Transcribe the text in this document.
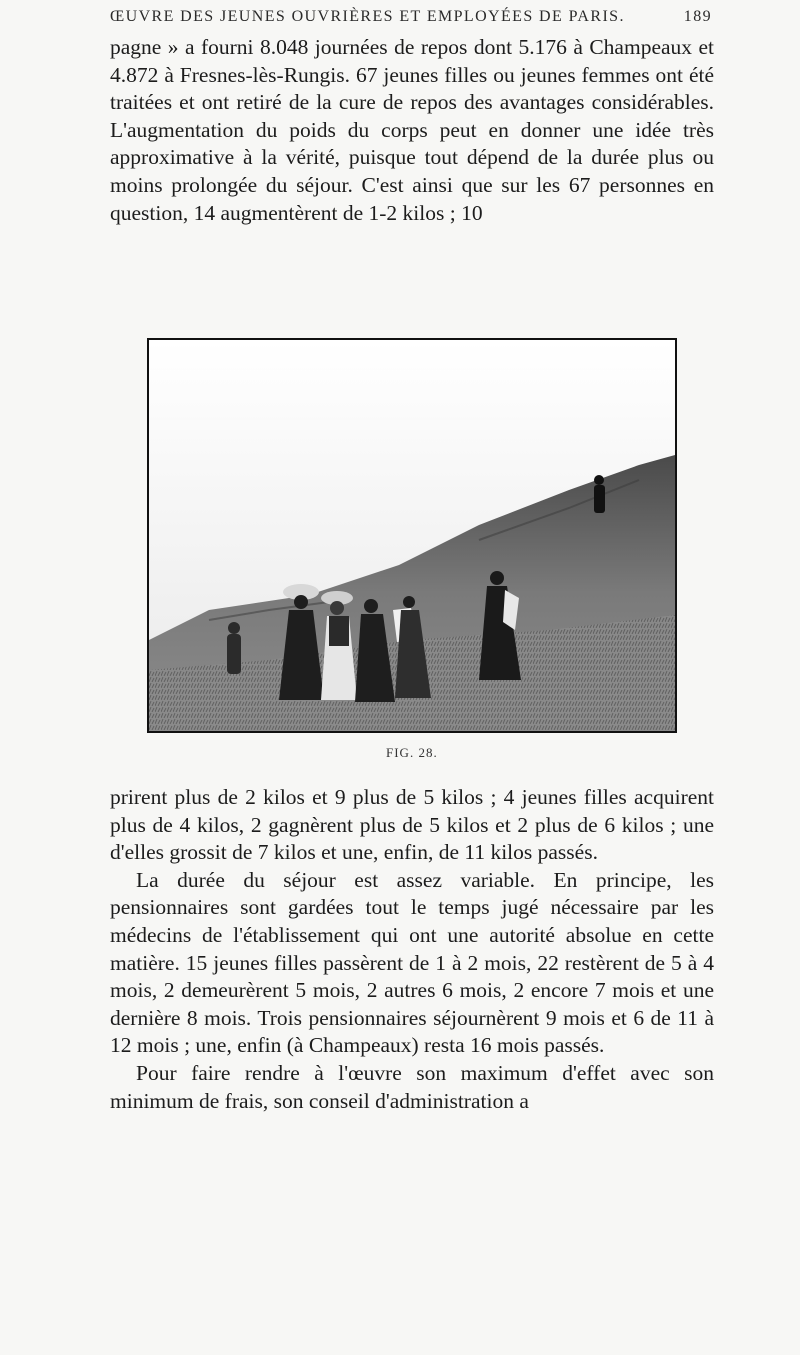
ŒUVRE DES JEUNES OUVRIÈRES ET EMPLOYÉES DE PARIS.	189

pagne » a fourni 8.048 journées de repos dont 5.176 à Champeaux et 4.872 à Fresnes-lès-Rungis. 67 jeunes filles ou jeunes femmes ont été traitées et ont retiré de la cure de repos des avantages considérables. L'augmentation du poids du corps peut en donner une idée très approximative à la vérité, puisque tout dépend de la durée plus ou moins prolongée du séjour. C'est ainsi que sur les 67 personnes en question, 14 augmentèrent de 1-2 kilos ; 10

FIG. 28.
prirent plus de 2 kilos et 9 plus de 5 kilos ; 4 jeunes filles acquirent plus de 4 kilos, 2 gagnèrent plus de 5 kilos et 2 plus de 6 kilos ; une d'elles grossit de 7 kilos et une, enfin, de 11 kilos passés.
La durée du séjour est assez variable. En principe, les pensionnaires sont gardées tout le temps jugé nécessaire par les médecins de l'établissement qui ont une autorité absolue en cette matière. 15 jeunes filles passèrent de 1 à 2 mois, 22 restèrent de 5 à 4 mois, 2 demeurèrent 5 mois, 2 autres 6 mois, 2 encore 7 mois et une dernière 8 mois. Trois pensionnaires séjournèrent 9 mois et 6 de 11 à 12 mois ; une, enfin (à Champeaux) resta 16 mois passés.
Pour faire rendre à l'œuvre son maximum d'effet avec son minimum de frais, son conseil d'administration a
